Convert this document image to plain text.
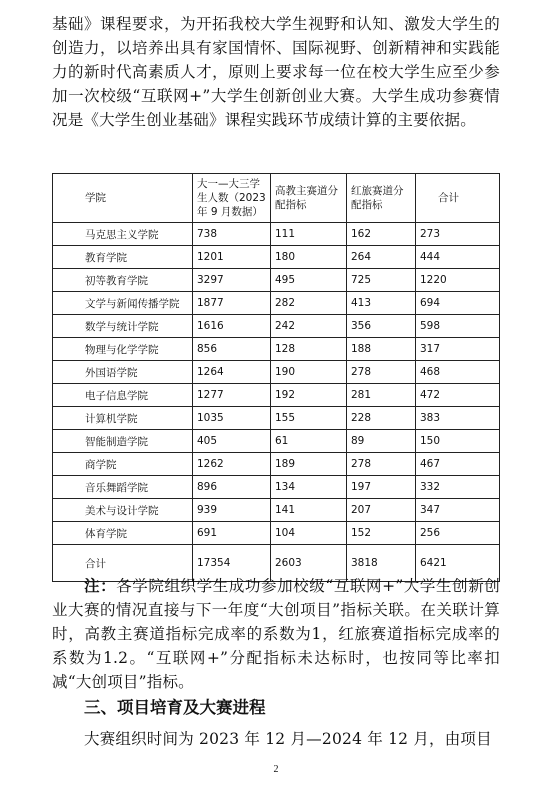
基础》课程要求，为开拓我校大学生视野和认知、激发大学生的创造力，以培养出具有家国情怀、国际视野、创新精神和实践能力的新时代高素质人才，原则上要求每一位在校大学生应至少参加一次校级“互联网+”大学生创新创业大赛。大学生成功参赛情况是《大学生创业基础》课程实践环节成绩计算的主要依据。

学院	大一—大三学生人数（2023 年 9 月数据）	高教主赛道分配指标	红旅赛道分配指标	合计
马克思主义学院	738	111	162	273
教育学院	1201	180	264	444
初等教育学院	3297	495	725	1220
文学与新闻传播学院	1877	282	413	694
数学与统计学院	1616	242	356	598
物理与化学学院	856	128	188	317
外国语学院	1264	190	278	468
电子信息学院	1277	192	281	472
计算机学院	1035	155	228	383
智能制造学院	405	61	89	150
商学院	1262	189	278	467
音乐舞蹈学院	896	134	197	332
美术与设计学院	939	141	207	347
体育学院	691	104	152	256
合计	17354	2603	3818	6421

注：各学院组织学生成功参加校级“互联网+”大学生创新创业大赛的情况直接与下一年度“大创项目”指标关联。在关联计算时，高教主赛道指标完成率的系数为1，红旅赛道指标完成率的系数为1.2。“互联网+”分配指标未达标时，也按同等比率扣减“大创项目”指标。

三、项目培育及大赛进程

大赛组织时间为 2023 年 12 月—2024 年 12 月，由项目

2
